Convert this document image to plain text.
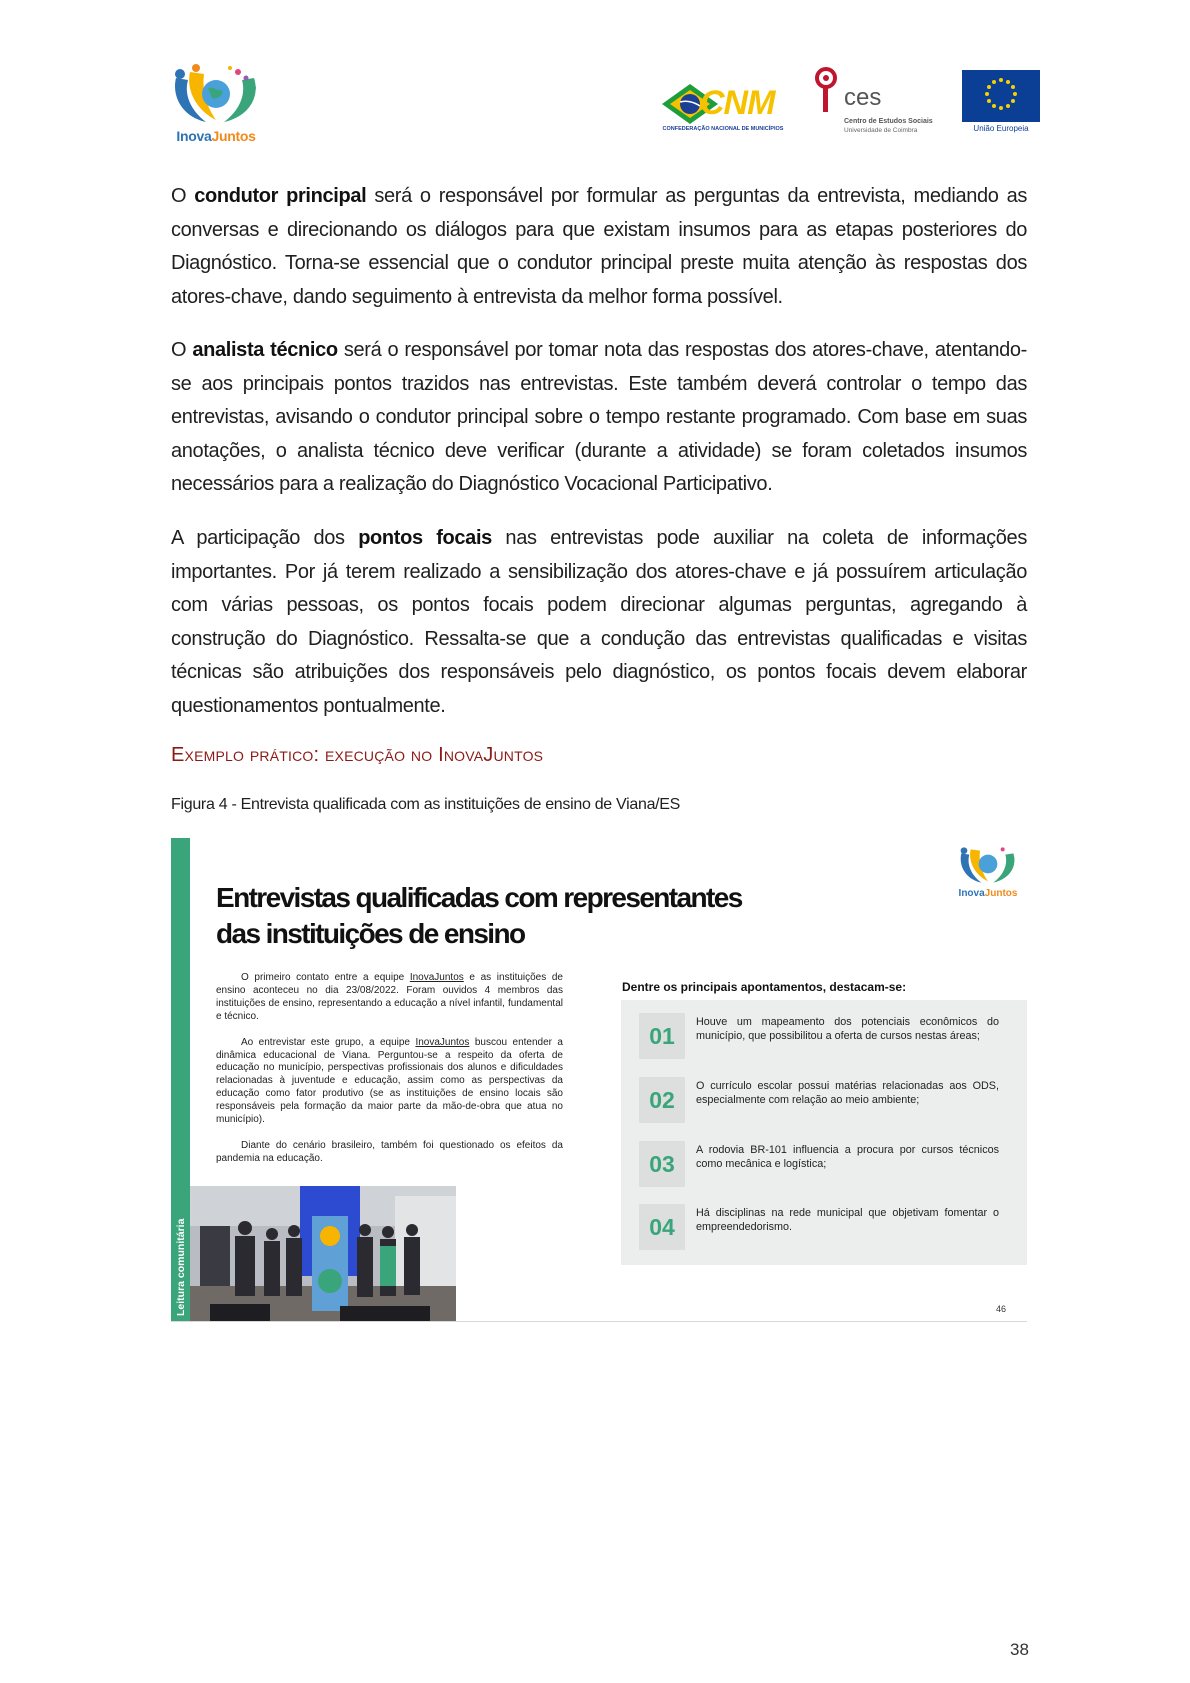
InovaJuntos
CNM
CONFEDERAÇÃO NACIONAL DE MUNICÍPIOS
ces
Centro de Estudos Sociais
Universidade de Coimbra	União Europeia
O condutor principal será o responsável por formular as perguntas da entrevista, mediando as conversas e direcionando os diálogos para que existam insumos para as etapas posteriores do Diagnóstico. Torna-se essencial que o condutor principal preste muita atenção às respostas dos atores-chave, dando seguimento à entrevista da melhor forma possível.
O analista técnico será o responsável por tomar nota das respostas dos atores-chave, atentando-se aos principais pontos trazidos nas entrevistas. Este também deverá controlar o tempo das entrevistas, avisando o condutor principal sobre o tempo restante programado. Com base em suas anotações, o analista técnico deve verificar (durante a atividade) se foram coletados insumos necessários para a realização do Diagnóstico Vocacional Participativo.
A participação dos pontos focais nas entrevistas pode auxiliar na coleta de informações importantes. Por já terem realizado a sensibilização dos atores-chave e já possuírem articulação com várias pessoas, os pontos focais podem direcionar algumas perguntas, agregando à construção do Diagnóstico. Ressalta-se que a condução das entrevistas qualificadas e visitas técnicas são atribuições dos responsáveis pelo diagnóstico, os pontos focais devem elaborar questionamentos pontualmente.
Exemplo prático: execução no InovaJuntos
Figura 4 - Entrevista qualificada com as instituições de ensino de Viana/ES
Leitura comunitária
Entrevistas qualificadas com representantes das instituições de ensino

O primeiro contato entre a equipe InovaJuntos e as instituições de ensino aconteceu no dia 23/08/2022. Foram ouvidos 4 membros das instituições de ensino, representando a educação a nível infantil, fundamental e técnico.

Ao entrevistar este grupo, a equipe InovaJuntos buscou entender a dinâmica educacional de Viana. Perguntou-se a respeito da oferta de educação no município, perspectivas profissionais dos alunos e dificuldades relacionadas à juventude e educação, assim como as perspectivas da educação como fator produtivo (se as instituições de ensino locais são responsáveis pela formação da maior parte da mão-de-obra que atua no município).

Diante do cenário brasileiro, também foi questionado os efeitos da pandemia na educação.

InovaJuntos
Dentre os principais apontamentos, destacam-se:
01
Houve um mapeamento dos potenciais econômicos do município, que possibilitou a oferta de cursos nestas áreas;
02
O currículo escolar possui matérias relacionadas aos ODS, especialmente com relação ao meio ambiente;
03
A rodovia BR-101 influencia a procura por cursos técnicos como mecânica e logística;
04
Há disciplinas na rede municipal que objetivam fomentar o empreendedorismo.
46
38
